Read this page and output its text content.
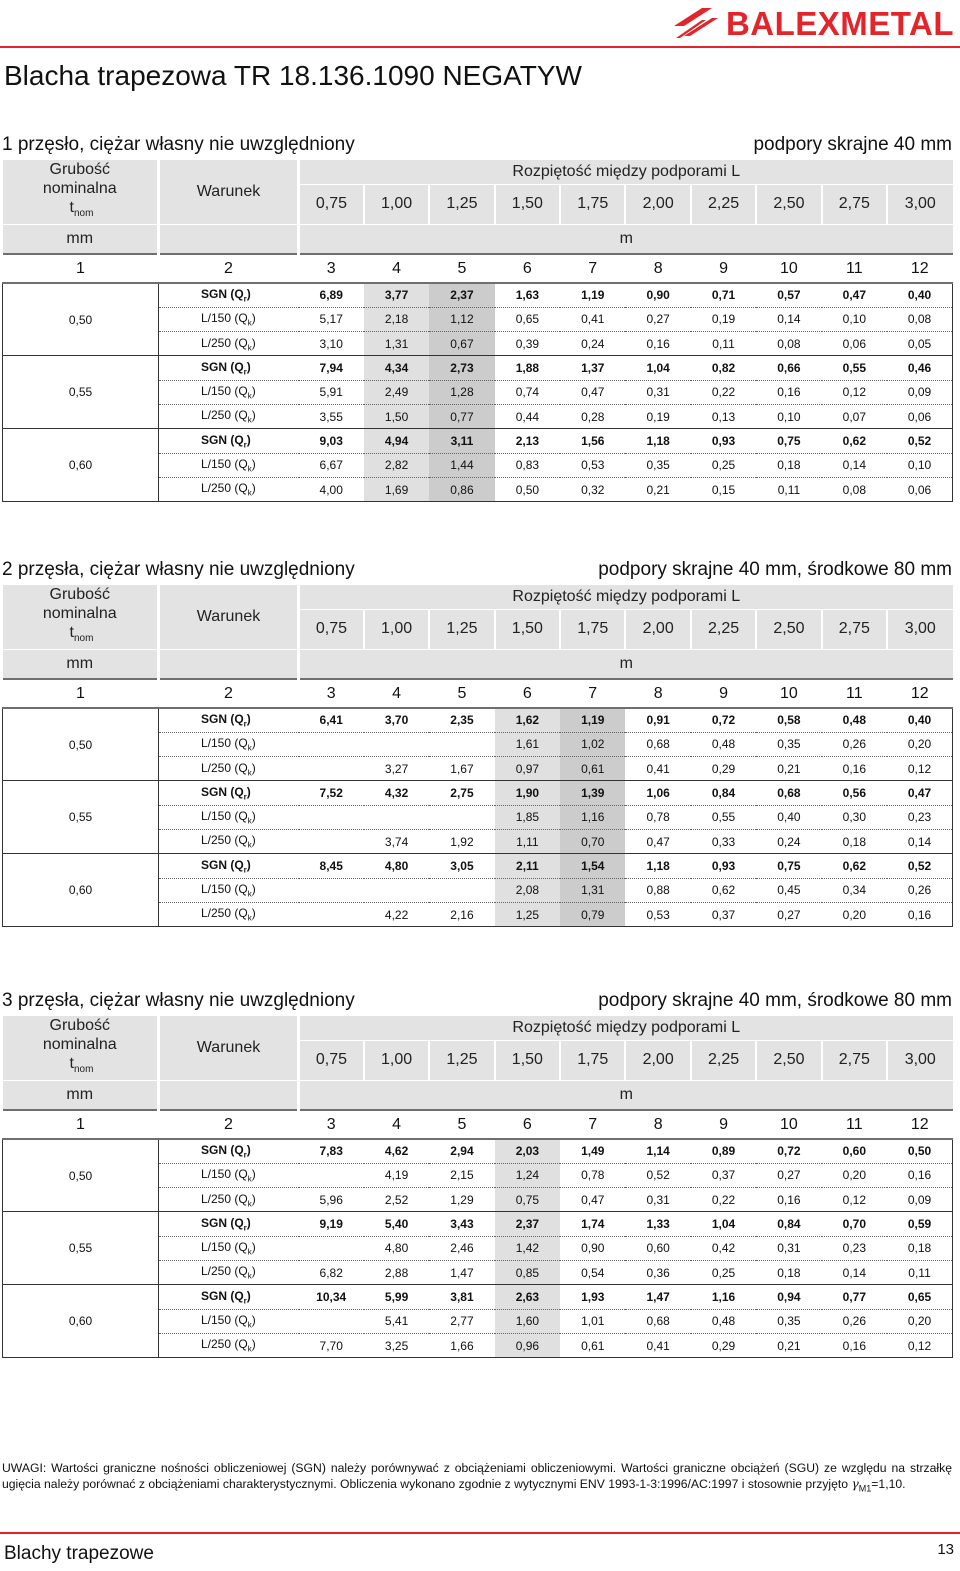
BALEXMETAL
Blacha trapezowa TR 18.136.1090 NEGATYW
1 przęsło, ciężar własny nie uwzględniony	podpory skrajne 40 mm
Grubość
nominalna
$t_{nom}$	Warunek	Rozpiętość między podporami L									
		0,75	1,00	1,25	1,50	1,75	2,00	2,25	2,50	2,75	3,00
mm		m									
1	2	3	4	5	6	7	8	9	10	11	12
0,50	SGN $(Q_r)$	6,89	3,77	2,37	1,63	1,19	0,90	0,71	0,57	0,47	0,40
	L/150 $(Q_k)$	5,17	2,18	1,12	0,65	0,41	0,27	0,19	0,14	0,10	0,08
	L/250 $(Q_k)$	3,10	1,31	0,67	0,39	0,24	0,16	0,11	0,08	0,06	0,05
0,55	SGN $(Q_r)$	7,94	4,34	2,73	1,88	1,37	1,04	0,82	0,66	0,55	0,46
	L/150 $(Q_k)$	5,91	2,49	1,28	0,74	0,47	0,31	0,22	0,16	0,12	0,09
	L/250 $(Q_k)$	3,55	1,50	0,77	0,44	0,28	0,19	0,13	0,10	0,07	0,06
0,60	SGN $(Q_r)$	9,03	4,94	3,11	2,13	1,56	1,18	0,93	0,75	0,62	0,52
	L/150 $(Q_k)$	6,67	2,82	1,44	0,83	0,53	0,35	0,25	0,18	0,14	0,10
	L/250 $(Q_k)$	4,00	1,69	0,86	0,50	0,32	0,21	0,15	0,11	0,08	0,06
2 przęsła, ciężar własny nie uwzględniony	podpory skrajne 40 mm, środkowe 80 mm
Grubość
nominalna
$t_{nom}$	Warunek	Rozpiętość między podporami L									
		0,75	1,00	1,25	1,50	1,75	2,00	2,25	2,50	2,75	3,00
mm		m									
1	2	3	4	5	6	7	8	9	10	11	12
0,50	SGN $(Q_r)$	6,41	3,70	2,35	1,62	1,19	0,91	0,72	0,58	0,48	0,40
	L/150 $(Q_k)$				1,61	1,02	0,68	0,48	0,35	0,26	0,20
	L/250 $(Q_k)$		3,27	1,67	0,97	0,61	0,41	0,29	0,21	0,16	0,12
0,55	SGN $(Q_r)$	7,52	4,32	2,75	1,90	1,39	1,06	0,84	0,68	0,56	0,47
	L/150 $(Q_k)$				1,85	1,16	0,78	0,55	0,40	0,30	0,23
	L/250 $(Q_k)$		3,74	1,92	1,11	0,70	0,47	0,33	0,24	0,18	0,14
0,60	SGN $(Q_r)$	8,45	4,80	3,05	2,11	1,54	1,18	0,93	0,75	0,62	0,52
	L/150 $(Q_k)$				2,08	1,31	0,88	0,62	0,45	0,34	0,26
	L/250 $(Q_k)$		4,22	2,16	1,25	0,79	0,53	0,37	0,27	0,20	0,16
3 przęsła, ciężar własny nie uwzględniony	podpory skrajne 40 mm, środkowe 80 mm
Grubość
nominalna
$t_{nom}$	Warunek	Rozpiętość między podporami L									
		0,75	1,00	1,25	1,50	1,75	2,00	2,25	2,50	2,75	3,00
mm		m									
1	2	3	4	5	6	7	8	9	10	11	12
0,50	SGN $(Q_r)$	7,83	4,62	2,94	2,03	1,49	1,14	0,89	0,72	0,60	0,50
	L/150 $(Q_k)$		4,19	2,15	1,24	0,78	0,52	0,37	0,27	0,20	0,16
	L/250 $(Q_k)$	5,96	2,52	1,29	0,75	0,47	0,31	0,22	0,16	0,12	0,09
0,55	SGN $(Q_r)$	9,19	5,40	3,43	2,37	1,74	1,33	1,04	0,84	0,70	0,59
	L/150 $(Q_k)$		4,80	2,46	1,42	0,90	0,60	0,42	0,31	0,23	0,18
	L/250 $(Q_k)$	6,82	2,88	1,47	0,85	0,54	0,36	0,25	0,18	0,14	0,11
0,60	SGN $(Q_r)$	10,34	5,99	3,81	2,63	1,93	1,47	1,16	0,94	0,77	0,65
	L/150 $(Q_k)$		5,41	2,77	1,60	1,01	0,68	0,48	0,35	0,26	0,20
	L/250 $(Q_k)$	7,70	3,25	1,66	0,96	0,61	0,41	0,29	0,21	0,16	0,12
UWAGI: Wartości graniczne nośności obliczeniowej (SGN) należy porównywać z obciążeniami obliczeniowymi. Wartości graniczne obciążeń (SGU) ze względu na strzałkę ugięcia należy porównać z obciążeniami charakterystycznymi. Obliczenia wykonano zgodnie z wytycznymi ENV 1993-1-3:1996/AC:1997 i stosownie przyjęto $\gamma_{M1}=1,10$.
Blachy trapezowe	13
